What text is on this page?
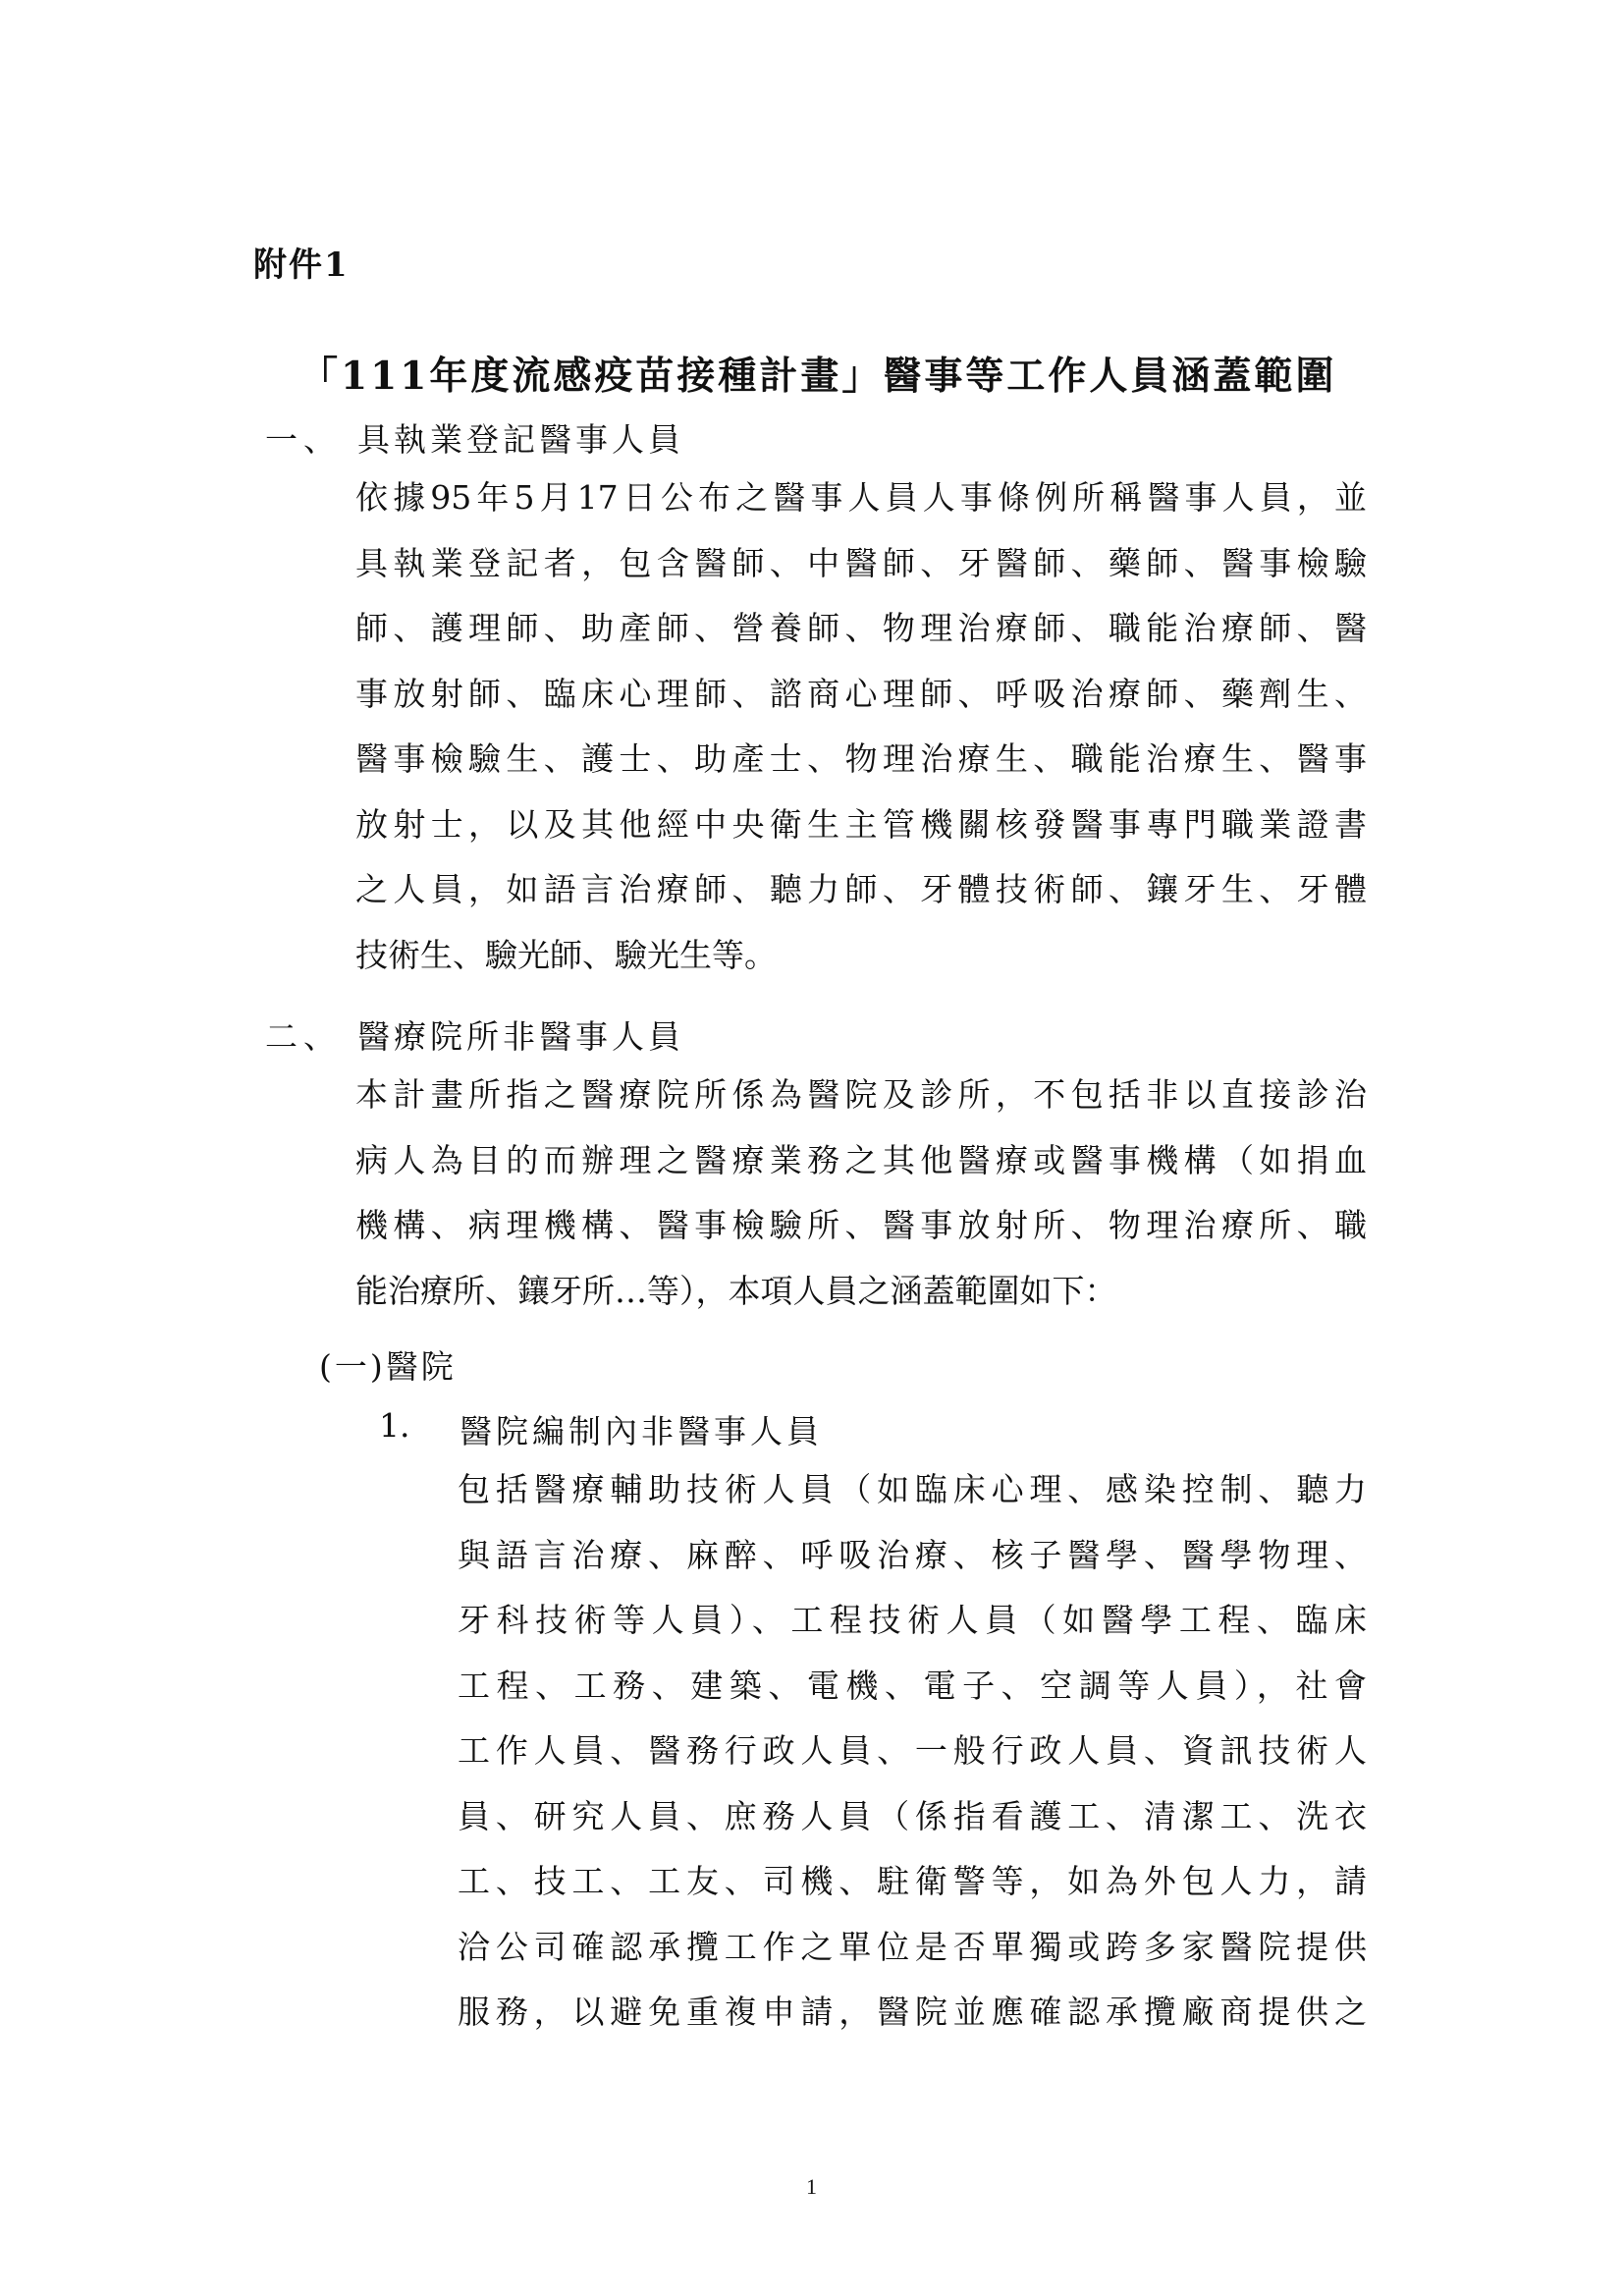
附件1
「111年度流感疫苗接種計畫」醫事等工作人員涵蓋範圍
一、 具執業登記醫事人員
依據95年5月17日公布之醫事人員人事條例所稱醫事人員，並
具執業登記者，包含醫師、中醫師、牙醫師、藥師、醫事檢驗
師、護理師、助產師、營養師、物理治療師、職能治療師、醫
事放射師、臨床心理師、諮商心理師、呼吸治療師、藥劑生、
醫事檢驗生、護士、助產士、物理治療生、職能治療生、醫事
放射士，以及其他經中央衛生主管機關核發醫事專門職業證書
之人員，如語言治療師、聽力師、牙體技術師、鑲牙生、牙體
技術生、驗光師、驗光生等。
二、 醫療院所非醫事人員
本計畫所指之醫療院所係為醫院及診所，不包括非以直接診治
病人為目的而辦理之醫療業務之其他醫療或醫事機構（如捐血
機構、病理機構、醫事檢驗所、醫事放射所、物理治療所、職
能治療所、鑲牙所…等），本項人員之涵蓋範圍如下：
(一)醫院
1. 醫院編制內非醫事人員
包括醫療輔助技術人員（如臨床心理、感染控制、聽力
與語言治療、麻醉、呼吸治療、核子醫學、醫學物理、
牙科技術等人員）、工程技術人員（如醫學工程、臨床
工程、工務、建築、電機、電子、空調等人員），社會
工作人員、醫務行政人員、一般行政人員、資訊技術人
員、研究人員、庶務人員（係指看護工、清潔工、洗衣
工、技工、工友、司機、駐衛警等，如為外包人力，請
洽公司確認承攬工作之單位是否單獨或跨多家醫院提供
服務，以避免重複申請，醫院並應確認承攬廠商提供之
1
